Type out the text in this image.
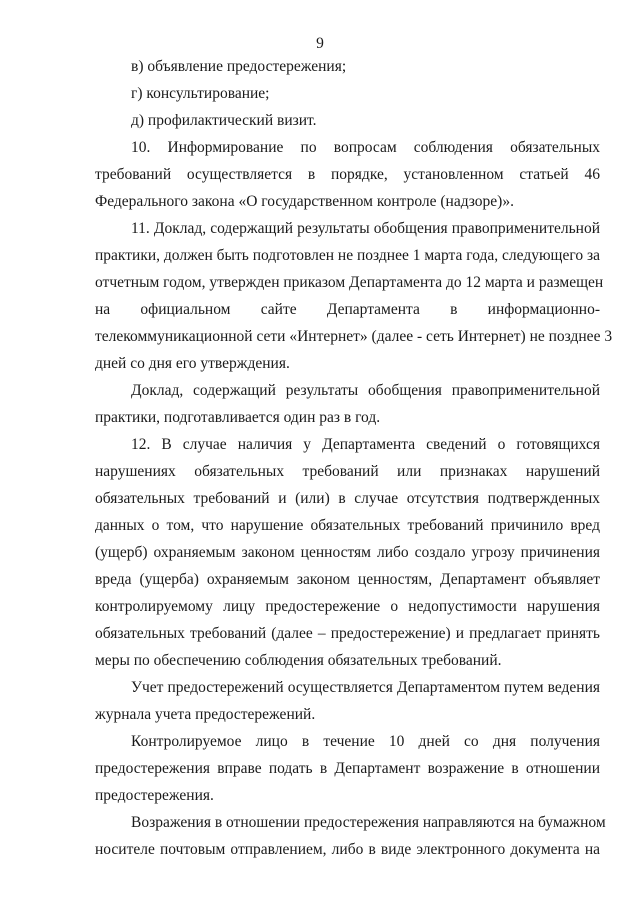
9
в) объявление предостережения;
г) консультирование;
д) профилактический визит.
10. Информирование по вопросам соблюдения обязательных
требований осуществляется в порядке, установленном статьей 46
Федерального закона «О государственном контроле (надзоре)».
11. Доклад, содержащий результаты обобщения правоприменительной
практики, должен быть подготовлен не позднее 1 марта года, следующего за
отчетным годом, утвержден приказом Департамента до 12 марта и размещен
на официальном сайте Департамента в информационно-
телекоммуникационной сети «Интернет» (далее - сеть Интернет) не позднее 3
дней со дня его утверждения.
Доклад, содержащий результаты обобщения правоприменительной
практики, подготавливается один раз в год.
12. В случае наличия у Департамента сведений о готовящихся
нарушениях обязательных требований или признаках нарушений
обязательных требований и (или) в случае отсутствия подтвержденных
данных о том, что нарушение обязательных требований причинило вред
(ущерб) охраняемым законом ценностям либо создало угрозу причинения
вреда (ущерба) охраняемым законом ценностям, Департамент объявляет
контролируемому лицу предостережение о недопустимости нарушения
обязательных требований (далее – предостережение) и предлагает принять
меры по обеспечению соблюдения обязательных требований.
Учет предостережений осуществляется Департаментом путем ведения
журнала учета предостережений.
Контролируемое лицо в течение 10 дней со дня получения
предостережения вправе подать в Департамент возражение в отношении
предостережения.
Возражения в отношении предостережения направляются на бумажном
носителе почтовым отправлением, либо в виде электронного документа на
